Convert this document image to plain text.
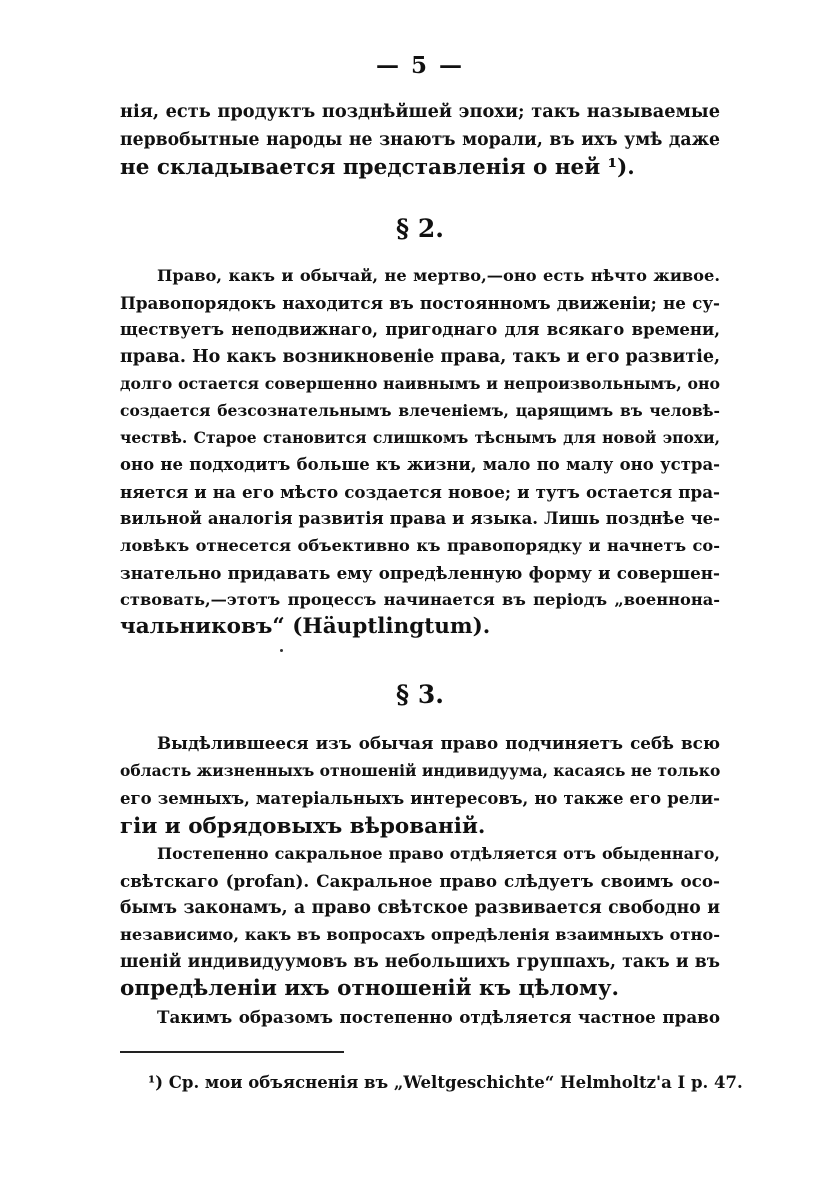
— 5 —
нія, есть продуктъ позднѣйшей эпохи; такъ называемые
первобытные народы не знаютъ морали, въ ихъ умѣ даже
не складывается представленія о ней ¹).
§ 2.
Право, какъ и обычай, не мертво,—оно есть нѣчто живое.
Правопорядокъ находится въ постоянномъ движеніи; не су-
ществуетъ неподвижнаго, пригоднаго для всякаго времени,
права. Но какъ возникновеніе права, такъ и его развитіе,
долго остается совершенно наивнымъ и непроизвольнымъ, оно
создается безсознательнымъ влеченіемъ, царящимъ въ человѣ-
чествѣ. Старое становится слишкомъ тѣснымъ для новой эпохи,
оно не подходитъ больше къ жизни, мало по малу оно устра-
няется и на его мѣсто создается новое; и тутъ остается пра-
вильной аналогія развитія права и языка. Лишь позднѣе че-
ловѣкъ отнесется объективно къ правопорядку и начнетъ со-
знательно придавать ему опредѣленную форму и совершен-
ствовать,—этотъ процессъ начинается въ періодъ „военнона-
чальниковъ“ (Häuptlingtum).
§ 3.
Выдѣлившееся изъ обычая право подчиняетъ себѣ всю
область жизненныхъ отношеній индивидуума, касаясь не только
его земныхъ, матеріальныхъ интересовъ, но также его рели-
гіи и обрядовыхъ вѣрованій.
Постепенно сакральное право отдѣляется отъ обыденнаго,
свѣтскаго (profan). Сакральное право слѣдуетъ своимъ осо-
бымъ законамъ, а право свѣтское развивается свободно и
независимо, какъ въ вопросахъ опредѣленія взаимныхъ отно-
шеній индивидуумовъ въ небольшихъ группахъ, такъ и въ
опредѣленіи ихъ отношеній къ цѣлому.
Такимъ образомъ постепенно отдѣляется частное право
¹) Ср. мои объясненія въ „Weltgeschichte“ Helmholtz'a I р. 47.
